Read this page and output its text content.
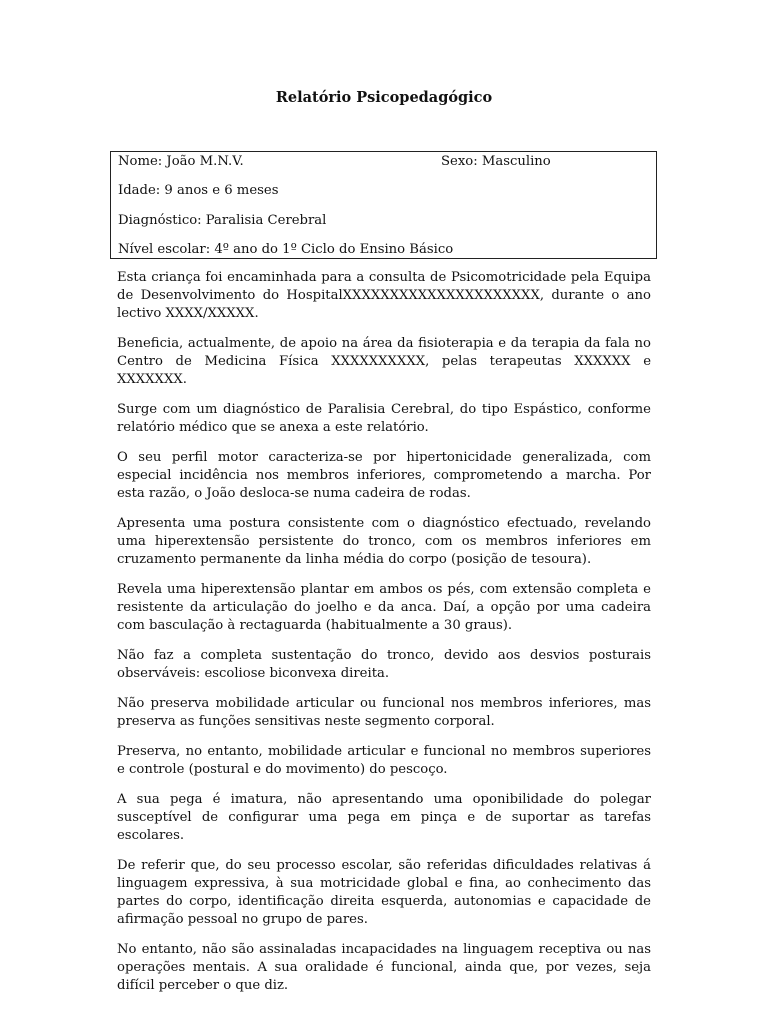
Relatório Psicopedagógico
Nome: João M.N.V.	Sexo: Masculino
Idade: 9 anos e 6 meses
Diagnóstico: Paralisia Cerebral
Nível escolar: 4º ano do 1º Ciclo do Ensino Básico

Esta criança foi encaminhada para a consulta de Psicomotricidade pela Equipa de Desenvolvimento do HospitalXXXXXXXXXXXXXXXXXXXXX, durante o ano lectivo XXXX/XXXXX.

Beneficia, actualmente, de apoio na área da fisioterapia e da terapia da fala no Centro de Medicina Física XXXXXXXXXX, pelas terapeutas XXXXXX e XXXXXXX.

Surge com um diagnóstico de Paralisia Cerebral, do tipo Espástico, conforme relatório médico que se anexa a este relatório.

O seu perfil motor caracteriza-se por hipertonicidade generalizada, com especial incidência nos membros inferiores, comprometendo a marcha. Por esta razão, o João desloca-se numa cadeira de rodas.

Apresenta uma postura consistente com o diagnóstico efectuado, revelando uma hiperextensão persistente do tronco, com os membros inferiores em cruzamento permanente da linha média do corpo (posição de tesoura).

Revela uma hiperextensão plantar em ambos os pés, com extensão completa e resistente da articulação do joelho e da anca. Daí, a opção por uma cadeira com basculação à rectaguarda (habitualmente a 30 graus).

Não faz a completa sustentação do tronco, devido aos desvios posturais observáveis: escoliose biconvexa direita.

Não preserva mobilidade articular ou funcional nos membros inferiores, mas preserva as funções sensitivas neste segmento corporal.

Preserva, no entanto, mobilidade articular e funcional no membros superiores e controle (postural e do movimento) do pescoço.

A sua pega é imatura, não apresentando uma oponibilidade do polegar susceptível de configurar uma pega em pinça e de suportar as tarefas escolares.

De referir que, do seu processo escolar, são referidas dificuldades relativas á linguagem expressiva, à sua motricidade global e fina, ao conhecimento das partes do corpo, identificação direita esquerda, autonomias e capacidade de afirmação pessoal no grupo de pares.

No entanto, não são assinaladas incapacidades na linguagem receptiva ou nas operações mentais. A sua oralidade é funcional, ainda que, por vezes, seja difícil perceber o que diz.
